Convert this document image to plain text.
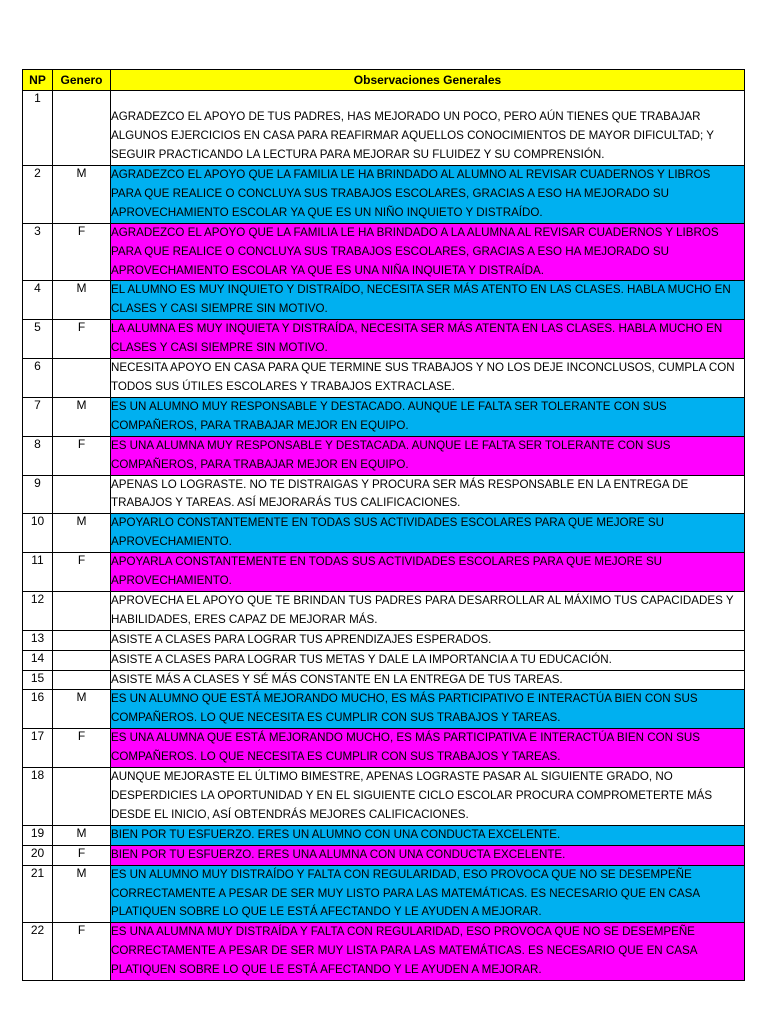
NP	Genero	Observaciones Generales
1		AGRADEZCO EL APOYO DE TUS PADRES, HAS MEJORADO UN POCO, PERO AÚN TIENES QUE TRABAJAR ALGUNOS EJERCICIOS EN CASA PARA REAFIRMAR AQUELLOS CONOCIMIENTOS DE MAYOR DIFICULTAD; Y SEGUIR PRACTICANDO LA LECTURA PARA MEJORAR SU FLUIDEZ Y SU COMPRENSIÓN.
2	M	AGRADEZCO EL APOYO QUE LA FAMILIA LE HA BRINDADO AL ALUMNO AL REVISAR CUADERNOS Y LIBROS PARA QUE REALICE O CONCLUYA SUS TRABAJOS ESCOLARES, GRACIAS A ESO HA MEJORADO SU APROVECHAMIENTO ESCOLAR YA QUE ES UN NIÑO INQUIETO Y DISTRAÍDO.
3	F	AGRADEZCO EL APOYO QUE LA FAMILIA LE HA BRINDADO A LA ALUMNA AL REVISAR CUADERNOS Y LIBROS PARA QUE REALICE O CONCLUYA SUS TRABAJOS ESCOLARES, GRACIAS A ESO HA MEJORADO SU APROVECHAMIENTO ESCOLAR YA QUE ES UNA NIÑA INQUIETA Y DISTRAÍDA.
4	M	EL ALUMNO ES MUY INQUIETO Y DISTRAÍDO, NECESITA SER MÁS ATENTO EN LAS CLASES. HABLA MUCHO EN CLASES Y CASI SIEMPRE SIN MOTIVO.
5	F	LA ALUMNA ES MUY INQUIETA Y DISTRAÍDA, NECESITA SER MÁS ATENTA EN LAS CLASES. HABLA MUCHO EN CLASES Y CASI SIEMPRE SIN MOTIVO.
6		NECESITA APOYO EN CASA PARA QUE TERMINE SUS TRABAJOS Y NO LOS DEJE INCONCLUSOS, CUMPLA CON TODOS SUS ÚTILES ESCOLARES Y TRABAJOS EXTRACLASE.
7	M	ES UN ALUMNO MUY RESPONSABLE Y DESTACADO. AUNQUE LE FALTA SER TOLERANTE CON SUS COMPAÑEROS, PARA TRABAJAR MEJOR EN EQUIPO.
8	F	ES UNA ALUMNA MUY RESPONSABLE Y DESTACADA. AUNQUE LE FALTA SER TOLERANTE CON SUS COMPAÑEROS, PARA TRABAJAR MEJOR EN EQUIPO.
9		APENAS LO LOGRASTE. NO TE DISTRAIGAS Y PROCURA SER MÁS RESPONSABLE EN LA ENTREGA DE TRABAJOS Y TAREAS. ASÍ MEJORARÁS TUS CALIFICACIONES.
10	M	APOYARLO CONSTANTEMENTE EN TODAS SUS ACTIVIDADES ESCOLARES PARA QUE MEJORE SU APROVECHAMIENTO.
11	F	APOYARLA CONSTANTEMENTE EN TODAS SUS ACTIVIDADES ESCOLARES PARA QUE MEJORE SU APROVECHAMIENTO.
12		APROVECHA EL APOYO QUE TE BRINDAN TUS PADRES PARA DESARROLLAR AL MÁXIMO TUS CAPACIDADES Y HABILIDADES, ERES CAPAZ DE MEJORAR MÁS.
13		ASISTE A CLASES PARA LOGRAR TUS APRENDIZAJES ESPERADOS.
14		ASISTE A CLASES PARA LOGRAR TUS METAS Y DALE LA IMPORTANCIA A TU EDUCACIÓN.
15		ASISTE MÁS A CLASES Y SÉ MÁS CONSTANTE EN LA ENTREGA DE TUS TAREAS.
16	M	ES UN ALUMNO QUE ESTÁ MEJORANDO MUCHO, ES MÁS PARTICIPATIVO E INTERACTÚA BIEN CON SUS COMPAÑEROS. LO QUE NECESITA ES CUMPLIR CON SUS TRABAJOS Y TAREAS.
17	F	ES UNA ALUMNA QUE ESTÁ MEJORANDO MUCHO, ES MÁS PARTICIPATIVA E INTERACTÚA BIEN CON SUS COMPAÑEROS. LO QUE NECESITA ES CUMPLIR CON SUS TRABAJOS Y TAREAS.
18		AUNQUE MEJORASTE EL ÚLTIMO BIMESTRE, APENAS LOGRASTE PASAR AL SIGUIENTE GRADO, NO DESPERDICIES LA OPORTUNIDAD Y EN EL SIGUIENTE CICLO ESCOLAR PROCURA COMPROMETERTE MÁS DESDE EL INICIO, ASÍ OBTENDRÁS MEJORES CALIFICACIONES.
19	M	BIEN POR TU ESFUERZO. ERES UN ALUMNO CON UNA CONDUCTA EXCELENTE.
20	F	BIEN POR TU ESFUERZO. ERES UNA ALUMNA CON UNA CONDUCTA EXCELENTE.
21	M	ES UN ALUMNO MUY DISTRAÍDO Y FALTA CON REGULARIDAD, ESO PROVOCA QUE NO SE DESEMPEÑE CORRECTAMENTE A PESAR DE SER MUY LISTO PARA LAS MATEMÁTICAS. ES NECESARIO QUE EN CASA PLATIQUEN SOBRE LO QUE LE ESTÁ AFECTANDO Y LE AYUDEN A MEJORAR.
22	F	ES UNA ALUMNA MUY DISTRAÍDA Y FALTA CON REGULARIDAD, ESO PROVOCA QUE NO SE DESEMPEÑE CORRECTAMENTE A PESAR DE SER MUY LISTA PARA LAS MATEMÁTICAS. ES NECESARIO QUE EN CASA PLATIQUEN SOBRE LO QUE LE ESTÁ AFECTANDO Y LE AYUDEN A MEJORAR.
